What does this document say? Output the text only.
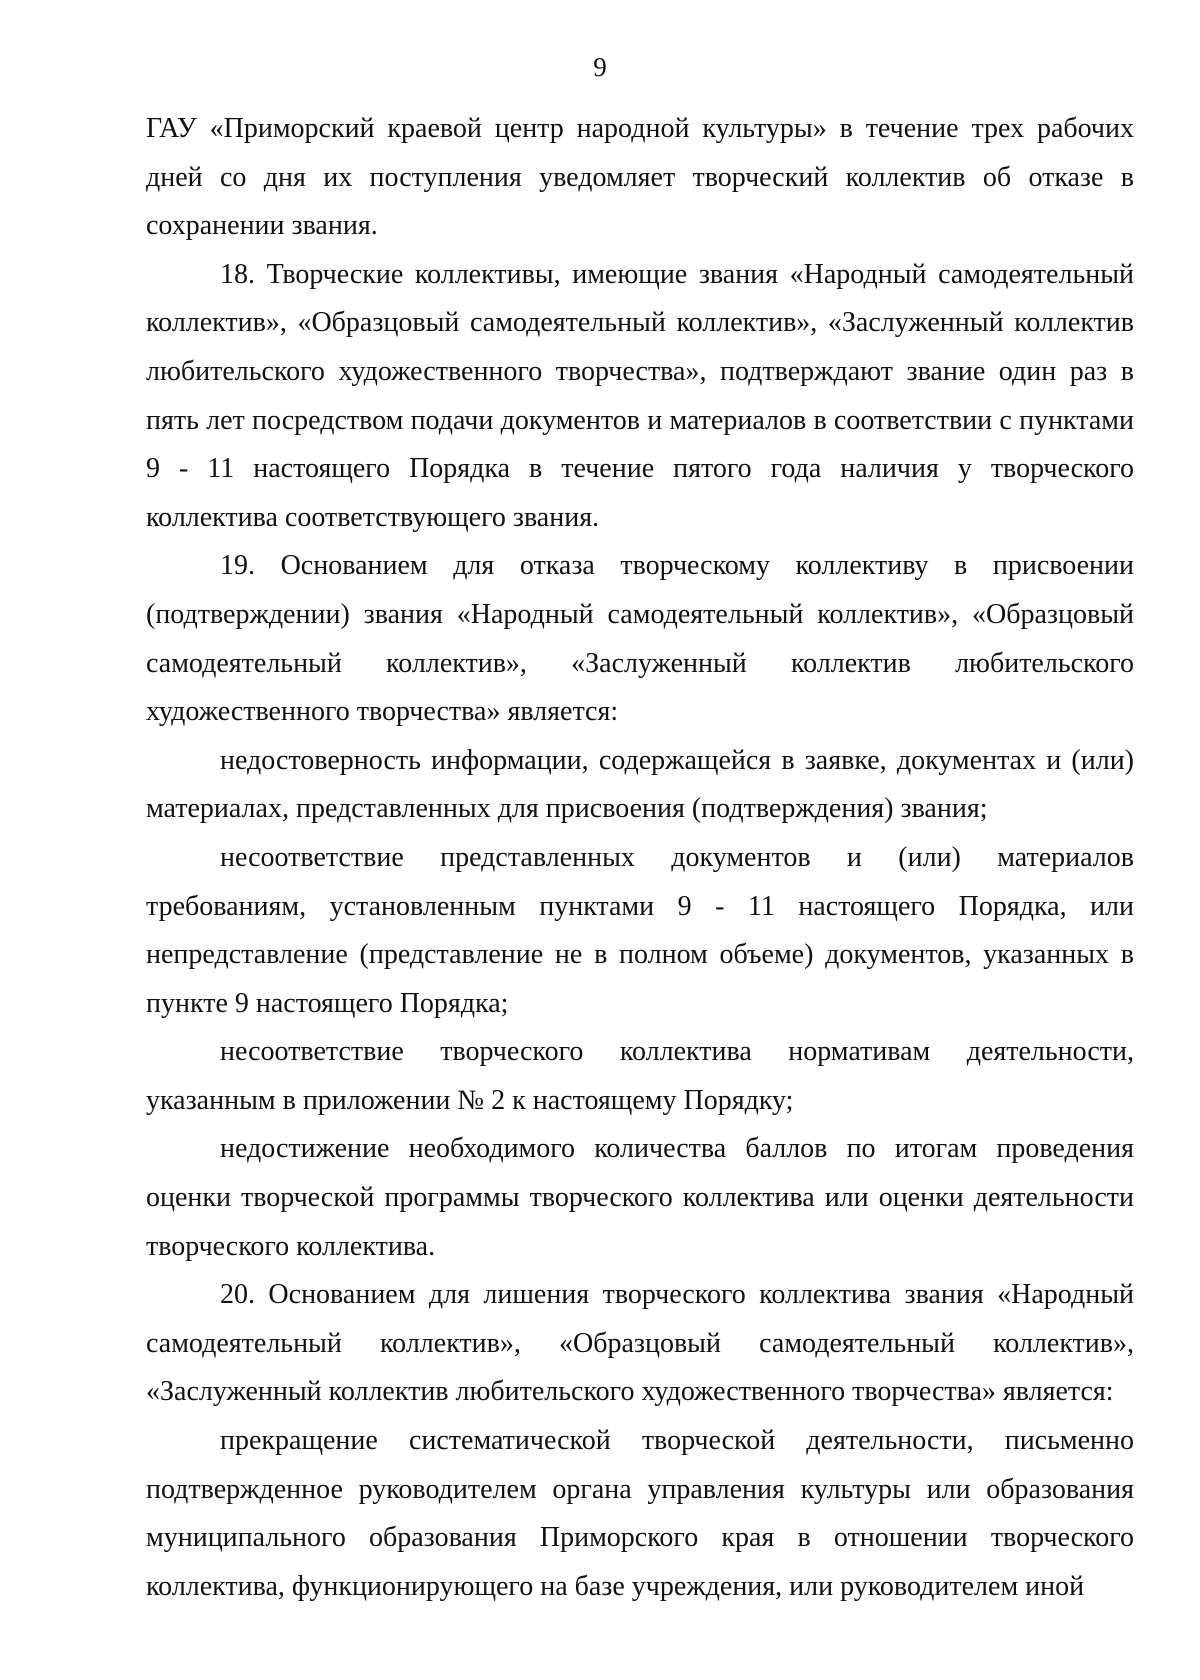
9

ГАУ «Приморский краевой центр народной культуры» в течение трех рабочих дней со дня их поступления уведомляет творческий коллектив об отказе в сохранении звания.

18. Творческие коллективы, имеющие звания «Народный самодеятельный коллектив», «Образцовый самодеятельный коллектив», «Заслуженный коллектив любительского художественного творчества», подтверждают звание один раз в пять лет посредством подачи документов и материалов в соответствии с пунктами 9 - 11 настоящего Порядка в течение пятого года наличия у творческого коллектива соответствующего звания.

19. Основанием для отказа творческому коллективу в присвоении (подтверждении) звания «Народный самодеятельный коллектив», «Образцовый самодеятельный коллектив», «Заслуженный коллектив любительского художественного творчества» является:

недостоверность информации, содержащейся в заявке, документах и (или) материалах, представленных для присвоения (подтверждения) звания;

несоответствие представленных документов и (или) материалов требованиям, установленным пунктами 9 - 11 настоящего Порядка, или непредставление (представление не в полном объеме) документов, указанных в пункте 9 настоящего Порядка;

несоответствие творческого коллектива нормативам деятельности, указанным в приложении № 2 к настоящему Порядку;

недостижение необходимого количества баллов по итогам проведения оценки творческой программы творческого коллектива или оценки деятельности творческого коллектива.

20. Основанием для лишения творческого коллектива звания «Народный самодеятельный коллектив», «Образцовый самодеятельный коллектив», «Заслуженный коллектив любительского художественного творчества» является:

прекращение систематической творческой деятельности, письменно подтвержденное руководителем органа управления культуры или образования муниципального образования Приморского края в отношении творческого коллектива, функционирующего на базе учреждения, или руководителем иной
